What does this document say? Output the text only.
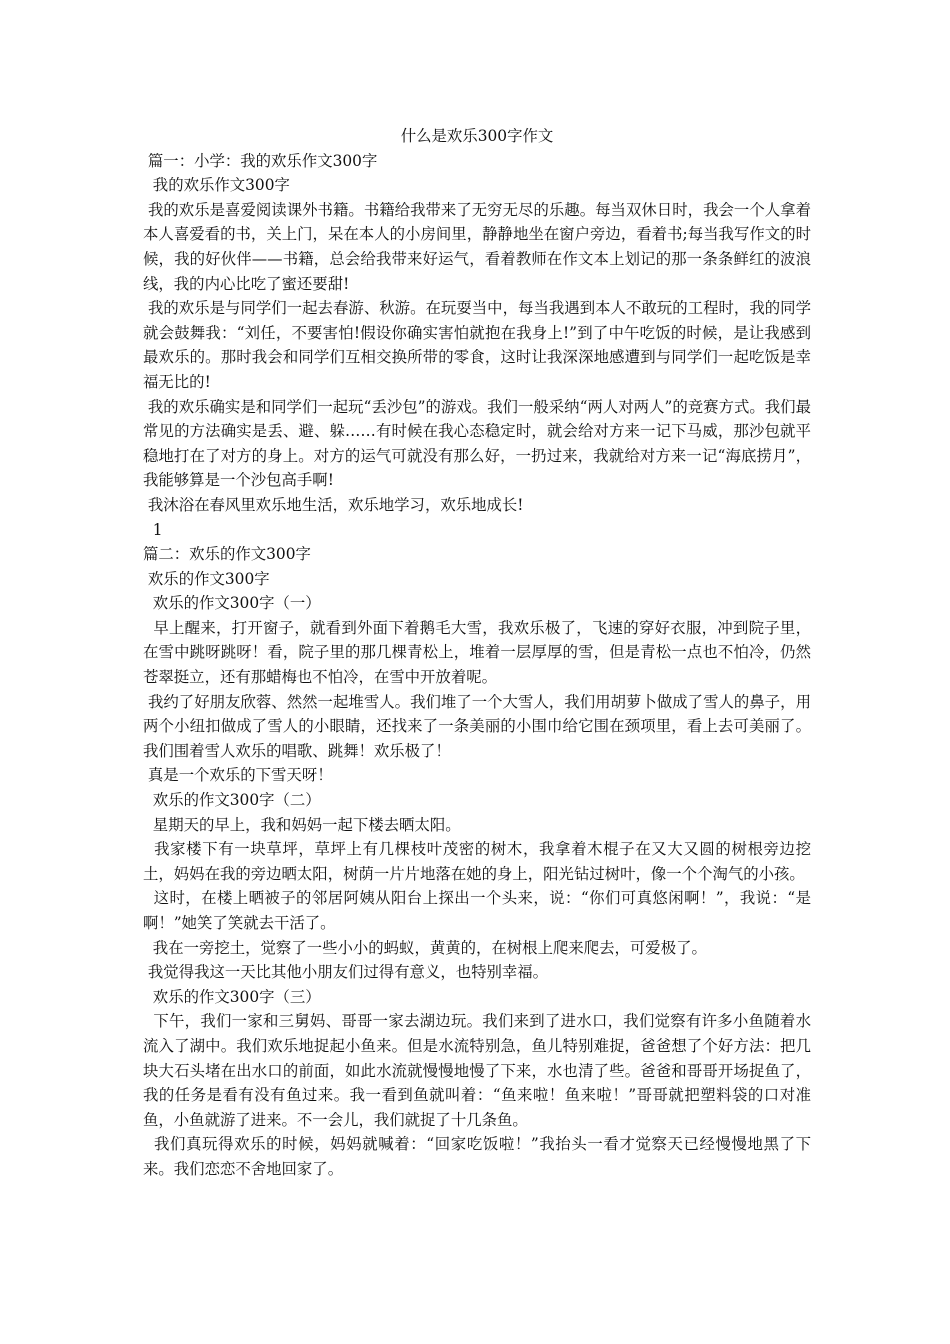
什么是欢乐300字作文
篇一：小学：我的欢乐作文300字
我的欢乐作文300字
我的欢乐是喜爱阅读课外书籍。书籍给我带来了无穷无尽的乐趣。每当双休日时，我会一个人拿着本人喜爱看的书，关上门，呆在本人的小房间里，静静地坐在窗户旁边，看着书;每当我写作文的时候，我的好伙伴——书籍，总会给我带来好运气，看着教师在作文本上划记的那一条条鲜红的波浪线，我的内心比吃了蜜还要甜!
我的欢乐是与同学们一起去春游、秋游。在玩耍当中，每当我遇到本人不敢玩的工程时，我的同学就会鼓舞我：“刘任，不要害怕!假设你确实害怕就抱在我身上!”到了中午吃饭的时候，是让我感到最欢乐的。那时我会和同学们互相交换所带的零食，这时让我深深地感遭到与同学们一起吃饭是幸福无比的!
我的欢乐确实是和同学们一起玩“丢沙包”的游戏。我们一般采纳“两人对两人”的竞赛方式。我们最常见的方法确实是丢、避、躲……有时候在我心态稳定时，就会给对方来一记下马威，那沙包就平稳地打在了对方的身上。对方的运气可就没有那么好，一扔过来，我就给对方来一记“海底捞月”，我能够算是一个沙包高手啊!
我沐浴在春风里欢乐地生活，欢乐地学习，欢乐地成长!
1
篇二：欢乐的作文300字
欢乐的作文300字
欢乐的作文300字（一）
早上醒来，打开窗子，就看到外面下着鹅毛大雪，我欢乐极了，飞速的穿好衣服，冲到院子里，在雪中跳呀跳呀！看，院子里的那几棵青松上，堆着一层厚厚的雪，但是青松一点也不怕冷，仍然苍翠挺立，还有那蜡梅也不怕冷，在雪中开放着呢。
我约了好朋友欣蓉、然然一起堆雪人。我们堆了一个大雪人，我们用胡萝卜做成了雪人的鼻子，用两个小纽扣做成了雪人的小眼睛，还找来了一条美丽的小围巾给它围在颈项里，看上去可美丽了。我们围着雪人欢乐的唱歌、跳舞！欢乐极了！
真是一个欢乐的下雪天呀！
欢乐的作文300字（二）
星期天的早上，我和妈妈一起下楼去晒太阳。
我家楼下有一块草坪，草坪上有几棵枝叶茂密的树木，我拿着木棍子在又大又圆的树根旁边挖土，妈妈在我的旁边晒太阳，树荫一片片地落在她的身上，阳光钻过树叶，像一个个淘气的小孩。
这时，在楼上晒被子的邻居阿姨从阳台上探出一个头来，说：“你们可真悠闲啊！”，我说：“是啊！”她笑了笑就去干活了。
我在一旁挖土，觉察了一些小小的蚂蚁，黄黄的，在树根上爬来爬去，可爱极了。
我觉得我这一天比其他小朋友们过得有意义，也特别幸福。
欢乐的作文300字（三）
下午，我们一家和三舅妈、哥哥一家去湖边玩。我们来到了进水口，我们觉察有许多小鱼随着水流入了湖中。我们欢乐地捉起小鱼来。但是水流特别急，鱼儿特别难捉，爸爸想了个好方法：把几块大石头堵在出水口的前面，如此水流就慢慢地慢了下来，水也清了些。爸爸和哥哥开场捉鱼了，我的任务是看有没有鱼过来。我一看到鱼就叫着：“鱼来啦！鱼来啦！”哥哥就把塑料袋的口对准鱼，小鱼就游了进来。不一会儿，我们就捉了十几条鱼。
我们真玩得欢乐的时候，妈妈就喊着：“回家吃饭啦！”我抬头一看才觉察天已经慢慢地黑了下来。我们恋恋不舍地回家了。
